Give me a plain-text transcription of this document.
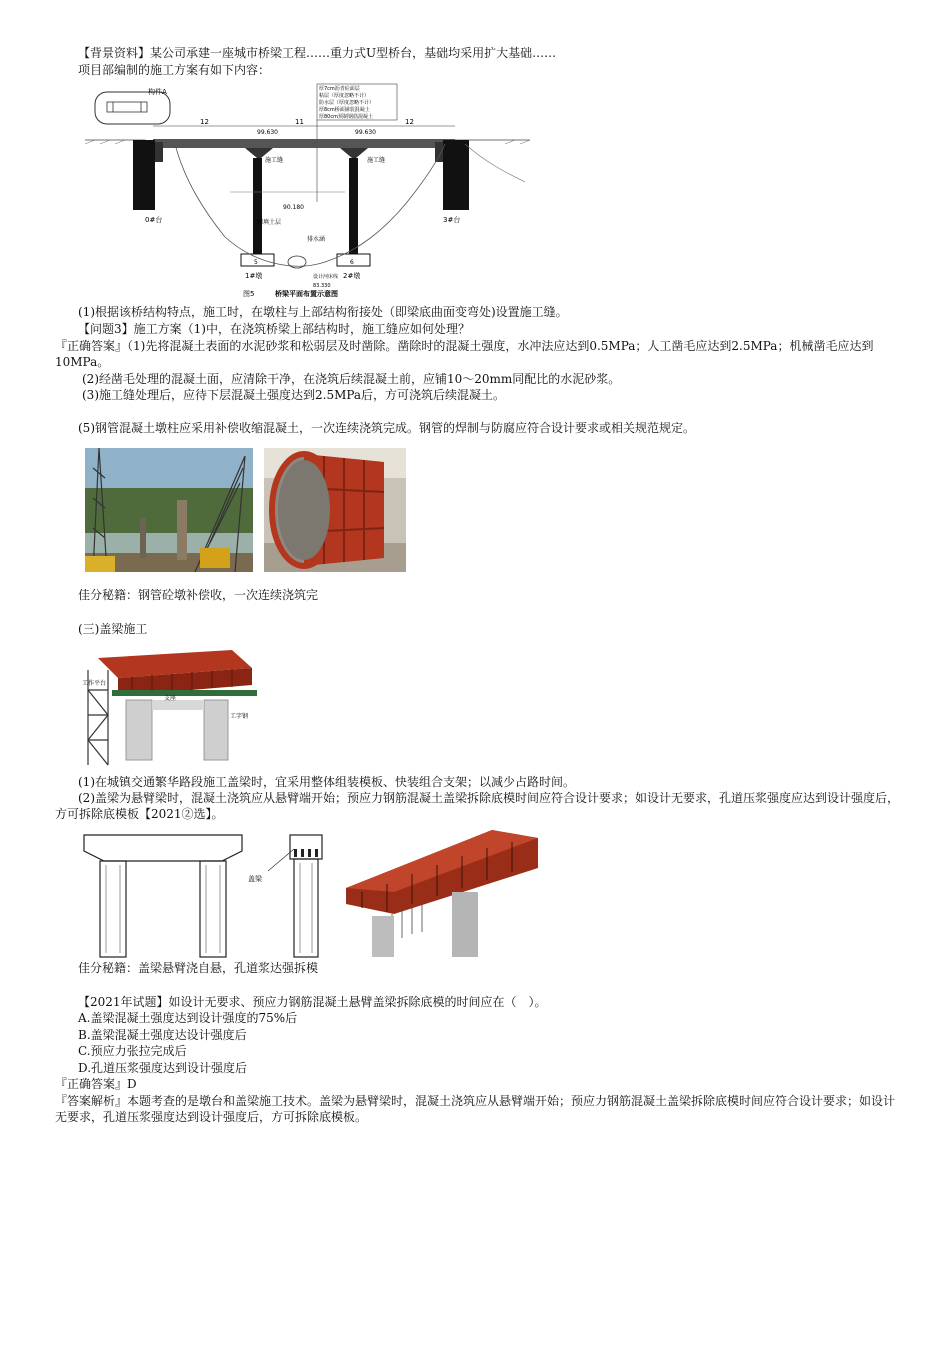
【背景资料】某公司承建一座城市桥梁工程……重力式U型桥台，基础均采用扩大基础……
项目部编制的施工方案有如下内容：
构件A	厚7cm沥青砼面层
粘层（厚度忽略不计）
防水层（厚度忽略不计）
厚8cm桥面铺装混凝土
厚80cm预制钢筋混凝土
12	11	12
99.630	99.630
0#台	3#台
施工缝	施工缝
5	6
1#墩	2#墩
90.180
回填土层
排水涵
设计河床线
83.330
图5	桥梁平面布置示意图
(1)根据该桥结构特点，施工时，在墩柱与上部结构衔接处（即梁底曲面变弯处)设置施工缝。
【问题3】施工方案（1)中，在浇筑桥梁上部结构时，施工缝应如何处理？
『正确答案』（1)先将混凝土表面的水泥砂浆和松弱层及时凿除。凿除时的混凝土强度，水冲法应达到0.5MPa；人工凿毛应达到2.5MPa；机械凿毛应达到10MPa。
(2)经凿毛处理的混凝土面，应清除干净，在浇筑后续混凝土前，应铺10～20mm同配比的水泥砂浆。
(3)施工缝处理后，应待下层混凝土强度达到2.5MPa后，方可浇筑后续混凝土。
(5)钢管混凝土墩柱应采用补偿收缩混凝土，一次连续浇筑完成。钢管的焊制与防腐应符合设计要求或相关规范规定。
佳分秘籍：钢管砼墩补偿收，一次连续浇筑完
(三)盖梁施工
工作平台
支座
工字钢
(1)在城镇交通繁华路段施工盖梁时，宜采用整体组装模板、快装组合支架；以减少占路时间。
(2)盖梁为悬臂梁时，混凝土浇筑应从悬臂端开始；预应力钢筋混凝土盖梁拆除底模时间应符合设计要求；如设计无要求，孔道压浆强度应达到设计强度后，方可拆除底模板【2021②选】。
盖梁
佳分秘籍：盖梁悬臂浇自悬，孔道浆达强拆模
【2021年试题】如设计无要求、预应力钢筋混凝土悬臂盖梁拆除底模的时间应在（　）。
A.盖梁混凝土强度达到设计强度的75%后
B.盖梁混凝土强度达设计强度后
C.预应力张拉完成后
D.孔道压浆强度达到设计强度后
『正确答案』D
『答案解析』本题考查的是墩台和盖梁施工技术。盖梁为悬臂梁时，混凝土浇筑应从悬臂端开始；预应力钢筋混凝土盖梁拆除底模时间应符合设计要求；如设计无要求，孔道压浆强度达到设计强度后，方可拆除底模板。
